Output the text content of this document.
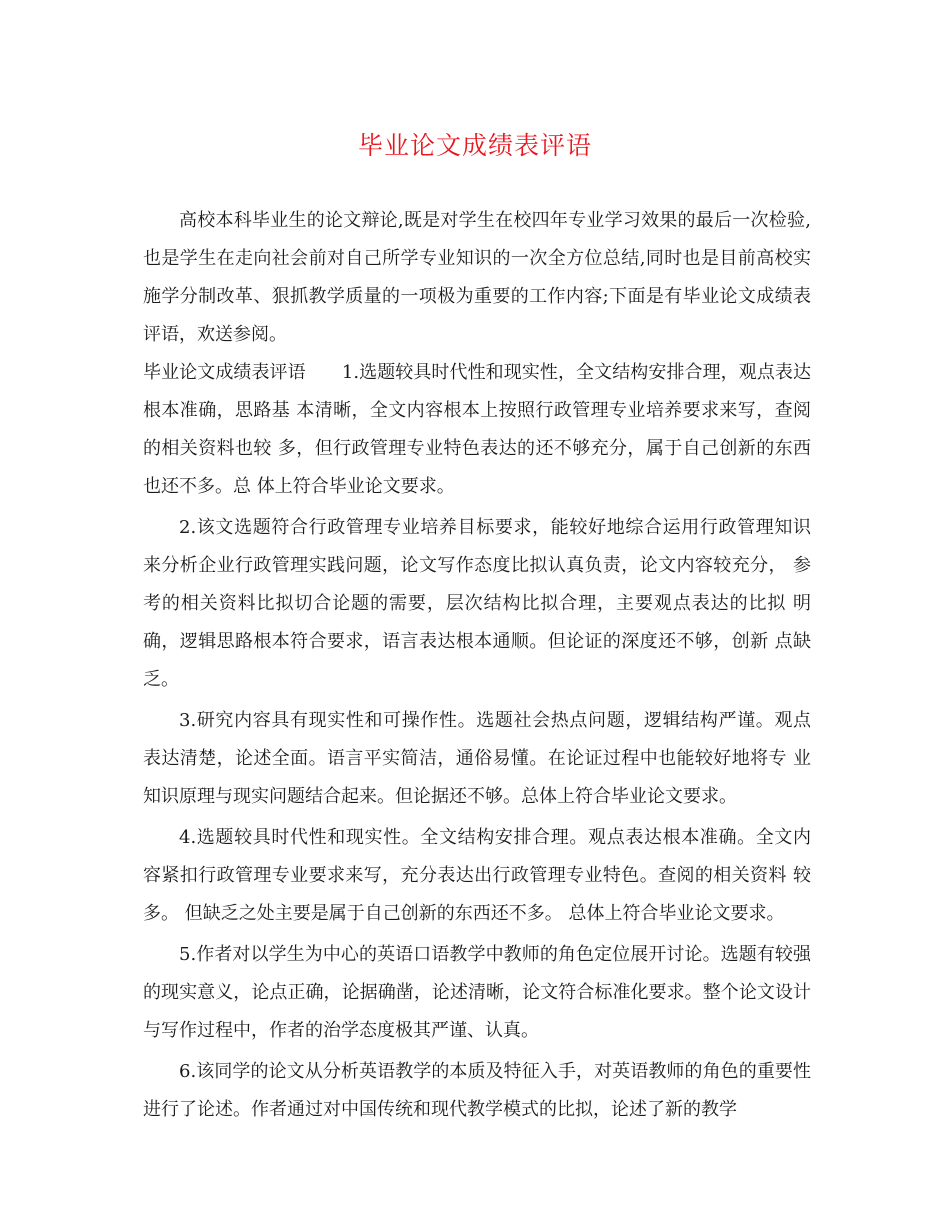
毕业论文成绩表评语

高校本科毕业生的论文辩论,既是对学生在校四年专业学习效果的最后一次检验,也是学生在走向社会前对自己所学专业知识的一次全方位总结,同时也是目前高校实施学分制改革、狠抓教学质量的一项极为重要的工作内容;下面是有毕业论文成绩表评语，欢送参阅。

毕业论文成绩表评语　　1.选题较具时代性和现实性，全文结构安排合理，观点表达根本准确，思路基 本清晰，全文内容根本上按照行政管理专业培养要求来写，查阅的相关资料也较 多，但行政管理专业特色表达的还不够充分，属于自己创新的东西也还不多。总 体上符合毕业论文要求。

2.该文选题符合行政管理专业培养目标要求，能较好地综合运用行政管理知识 来分析企业行政管理实践问题，论文写作态度比拟认真负责，论文内容较充分， 参考的相关资料比拟切合论题的需要，层次结构比拟合理，主要观点表达的比拟 明确，逻辑思路根本符合要求，语言表达根本通顺。但论证的深度还不够，创新 点缺乏。

3.研究内容具有现实性和可操作性。选题社会热点问题，逻辑结构严谨。观点 表达清楚，论述全面。语言平实简洁，通俗易懂。在论证过程中也能较好地将专 业知识原理与现实问题结合起来。但论据还不够。总体上符合毕业论文要求。

4.选题较具时代性和现实性。全文结构安排合理。观点表达根本准确。全文内 容紧扣行政管理专业要求来写，充分表达出行政管理专业特色。查阅的相关资料 较多。 但缺乏之处主要是属于自己创新的东西还不多。 总体上符合毕业论文要求。

5.作者对以学生为中心的英语口语教学中教师的角色定位展开讨论。选题有较强的现实意义，论点正确，论据确凿，论述清晰，论文符合标准化要求。整个论文设计与写作过程中，作者的治学态度极其严谨、认真。

6.该同学的论文从分析英语教学的本质及特征入手，对英语教师的角色的重要性进行了论述。作者通过对中国传统和现代教学模式的比拟，论述了新的教学
